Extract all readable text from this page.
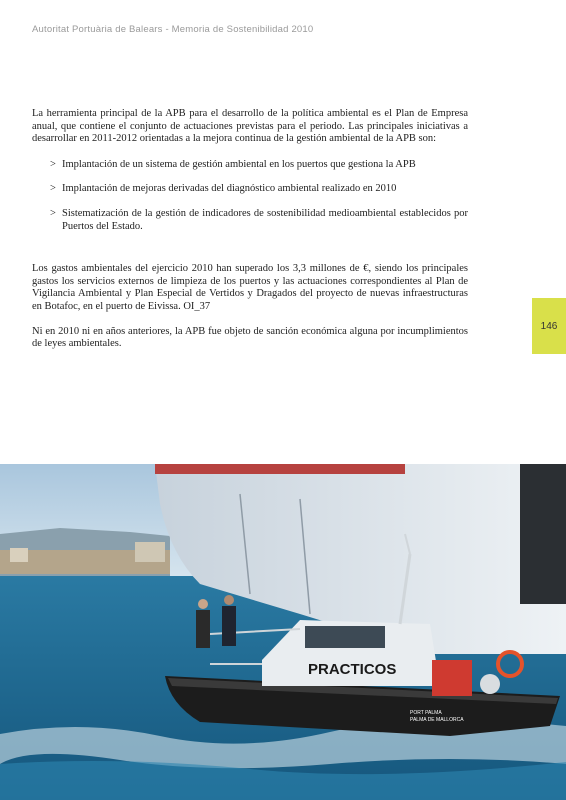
Autoritat Portuària de Balears - Memoria de Sostenibilidad 2010

La herramienta principal de la APB para el desarrollo de la política ambiental es el Plan de Empresa anual, que contiene el conjunto de actuaciones previstas para el periodo. Las principales iniciativas a desarrollar en 2011-2012 orientadas a la mejora continua de la gestión ambiental de la APB son:

> Implantación de un sistema de gestión ambiental en los puertos que gestiona la APB
> Implantación de mejoras derivadas del diagnóstico ambiental realizado en 2010
> Sistematización de la gestión de indicadores de sostenibilidad medioambiental establecidos por Puertos del Estado.

Los gastos ambientales del ejercicio 2010 han superado los 3,3 millones de €, siendo los principales gastos los servicios externos de limpieza de los puertos y las actuaciones correspondientes al Plan de Vigilancia Ambiental y Plan Especial de Vertidos y Dragados del proyecto de nuevas infraestructuras en Botafoc, en el puerto de Eivissa. OI_37

Ni en 2010 ni en años anteriores, la APB fue objeto de sanción económica alguna por incumplimientos de leyes ambientales.

146
PRACTICOS
PORT PALMA
PALMA DE MALLORCA
